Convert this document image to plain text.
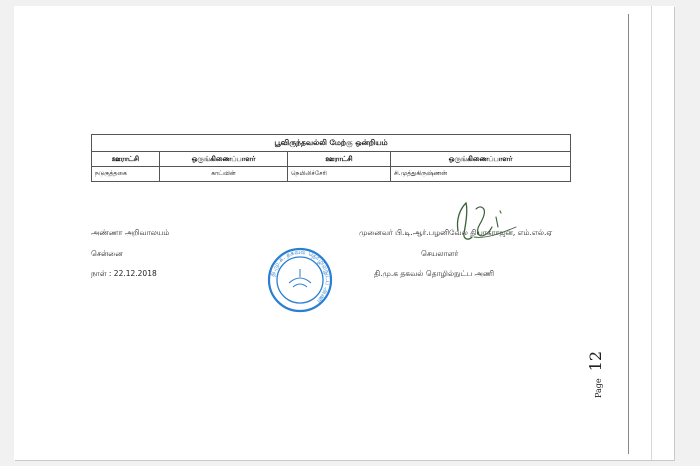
பூவிருந்தவல்லி மேற்கு ஒன்றியம்			
ஊராட்சி	ஒருங்கிணைப்பாளர்	ஊராட்சி	ஒருங்கிணைப்பாளர்
நடுகுத்தகை	காட்வின்	நெமிலிச்சேரி	சி.முத்துகிருஷ்ணன்
அண்ணா அறிவாலயம்
சென்னை
நாள் : 22.12.2018
முனைவர் பி.டி.ஆர்.பழனிவேல் தியாகராஜன், எம்.எல்.ஏ
செயலாளர்
தி.மு.க தகவல் தொழில்நுட்ப அணி
தி.மு.க. தகவல் தொழில்நுட்ப அணி
Page 12
